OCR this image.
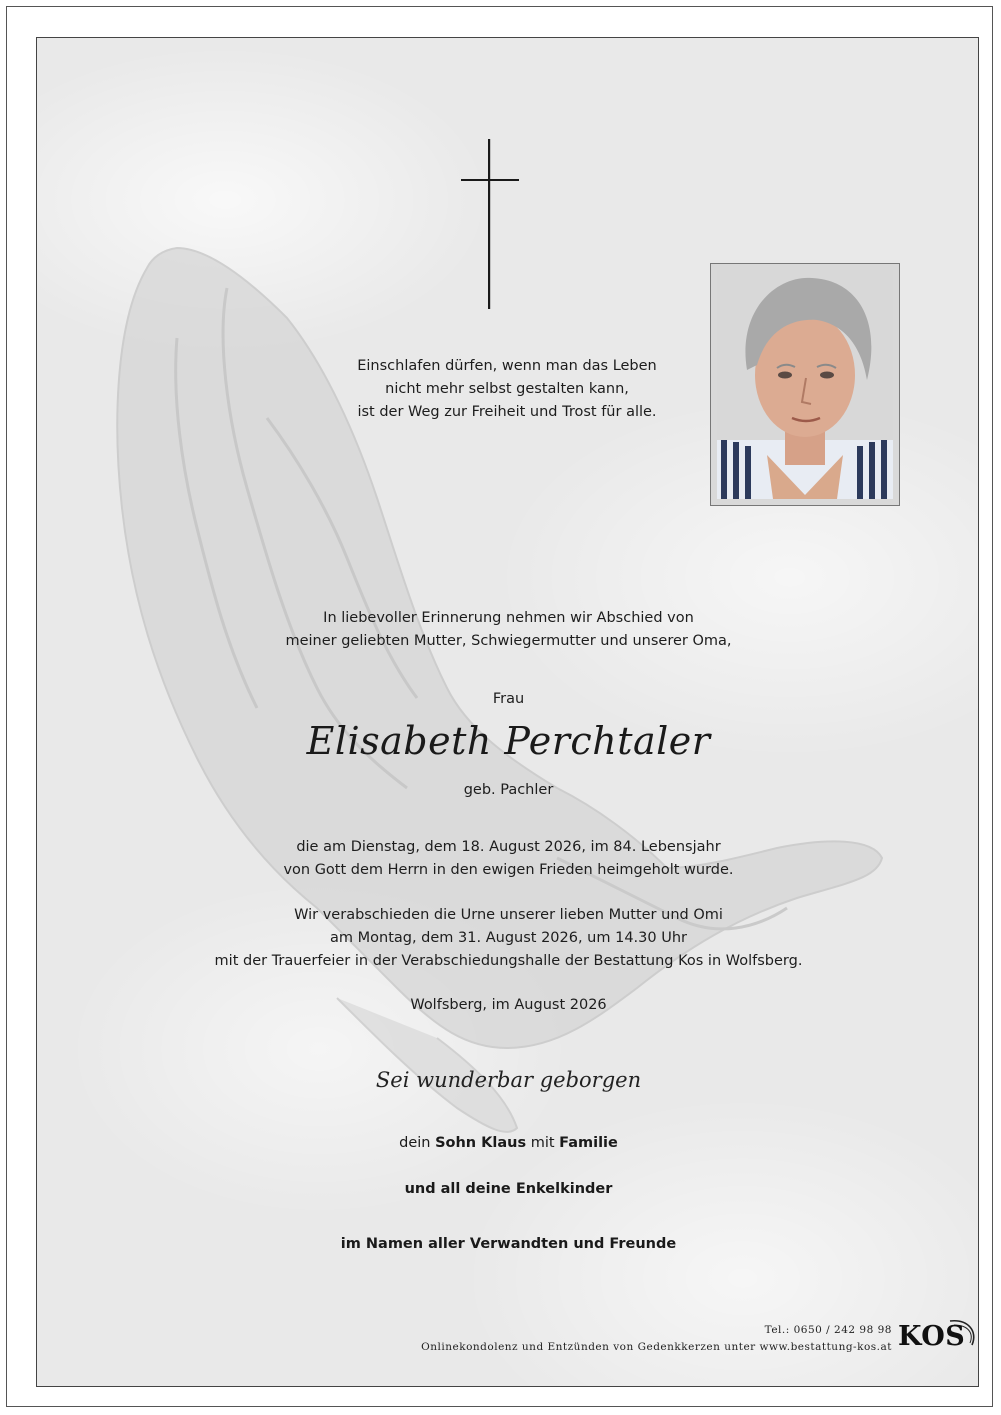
Einschlafen dürfen, wenn man das Leben
nicht mehr selbst gestalten kann,
ist der Weg zur Freiheit und Trost für alle.
In liebevoller Erinnerung nehmen wir Abschied von
meiner geliebten Mutter, Schwiegermutter und unserer Oma,
Frau
Elisabeth Perchtaler
geb. Pachler
die am Dienstag, dem 18. August 2026, im 84. Lebensjahr
von Gott dem Herrn in den ewigen Frieden heimgeholt wurde.
Wir verabschieden die Urne unserer lieben Mutter und Omi
am Montag, dem 31. August 2026, um 14.30 Uhr
mit der Trauerfeier in der Verabschiedungshalle der Bestattung Kos in Wolfsberg.
Wolfsberg, im August 2026
Sei wunderbar geborgen
dein Sohn Klaus mit Familie
und all deine Enkelkinder
im Namen aller Verwandten und Freunde
Tel.: 0650 / 242 98 98
Onlinekondolenz und Entzünden von Gedenkkerzen unter www.bestattung-kos.at KOS
